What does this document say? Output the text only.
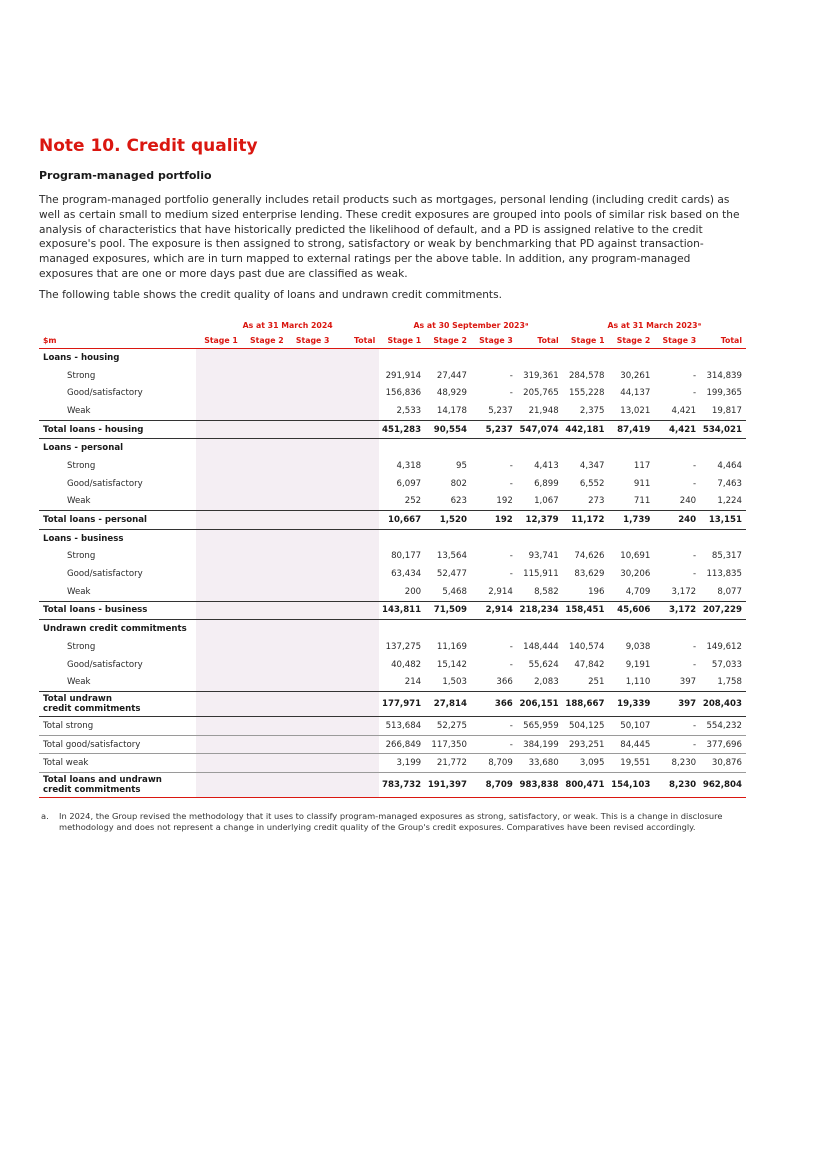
Note 10. Credit quality
Program-managed portfolio

The program-managed portfolio generally includes retail products such as mortgages, personal lending (including credit cards) as well as certain small to medium sized enterprise lending. These credit exposures are grouped into pools of similar risk based on the analysis of characteristics that have historically predicted the likelihood of default, and a PD is assigned relative to the credit exposure's pool. The exposure is then assigned to strong, satisfactory or weak by benchmarking that PD against transaction-managed exposures, which are in turn mapped to external ratings per the above table. In addition, any program-managed exposures that are one or more days past due are classified as weak.

The following table shows the credit quality of loans and undrawn credit commitments.

	As at 31 March 2024				As at 30 September 2023ᵃ				As at 31 March 2023ᵃ			
$m	Stage 1	Stage 2	Stage 3	Total	Stage 1	Stage 2	Stage 3	Total	Stage 1	Stage 2	Stage 3	Total
Loans - housing												
Strong					291,914	27,447	-	319,361	284,578	30,261	-	314,839
Good/satisfactory					156,836	48,929	-	205,765	155,228	44,137	-	199,365
Weak					2,533	14,178	5,237	21,948	2,375	13,021	4,421	19,817
Total loans - housing					451,283	90,554	5,237	547,074	442,181	87,419	4,421	534,021
Loans - personal												
Strong					4,318	95	-	4,413	4,347	117	-	4,464
Good/satisfactory					6,097	802	-	6,899	6,552	911	-	7,463
Weak					252	623	192	1,067	273	711	240	1,224
Total loans - personal					10,667	1,520	192	12,379	11,172	1,739	240	13,151
Loans - business												
Strong					80,177	13,564	-	93,741	74,626	10,691	-	85,317
Good/satisfactory					63,434	52,477	-	115,911	83,629	30,206	-	113,835
Weak					200	5,468	2,914	8,582	196	4,709	3,172	8,077
Total loans - business					143,811	71,509	2,914	218,234	158,451	45,606	3,172	207,229
Undrawn credit commitments												
Strong					137,275	11,169	-	148,444	140,574	9,038	-	149,612
Good/satisfactory					40,482	15,142	-	55,624	47,842	9,191	-	57,033
Weak					214	1,503	366	2,083	251	1,110	397	1,758
Total undrawn
credit commitments					177,971	27,814	366	206,151	188,667	19,339	397	208,403
Total strong					513,684	52,275	-	565,959	504,125	50,107	-	554,232
Total good/satisfactory					266,849	117,350	-	384,199	293,251	84,445	-	377,696
Total weak					3,199	21,772	8,709	33,680	3,095	19,551	8,230	30,876
Total loans and undrawn
credit commitments					783,732	191,397	8,709	983,838	800,471	154,103	8,230	962,804
a. In 2024, the Group revised the methodology that it uses to classify program-managed exposures as strong, satisfactory, or weak. This is a change in disclosure methodology and does not represent a change in underlying credit quality of the Group's credit exposures. Comparatives have been revised accordingly.
